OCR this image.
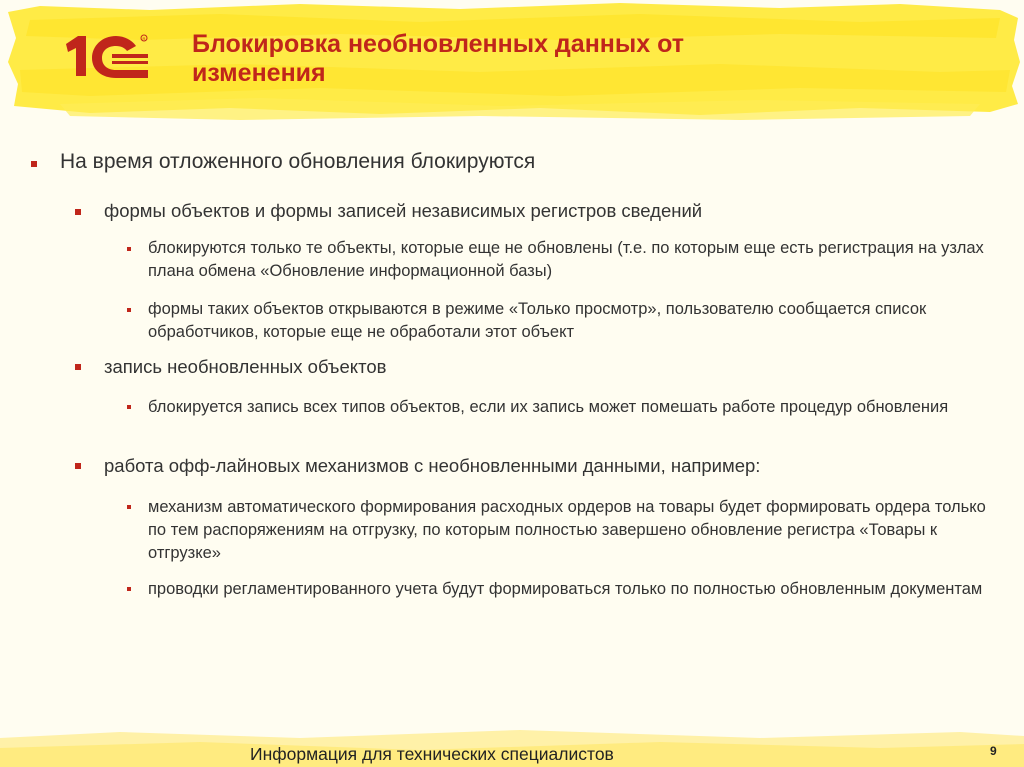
R Блокировка необновленных данных от изменения
На время отложенного обновления блокируются
формы объектов и формы записей независимых регистров сведений
блокируются только те объекты, которые еще не обновлены (т.е. по которым еще есть регистрация на узлах плана обмена «Обновление информационной базы)
формы таких объектов открываются в режиме «Только просмотр», пользователю сообщается список обработчиков, которые еще не обработали этот объект
запись необновленных объектов
блокируется запись всех типов объектов, если их запись может помешать работе процедур обновления
работа офф-лайновых механизмов с необновленными данными, например:
механизм автоматического формирования расходных ордеров на товары будет формировать ордера только по тем распоряжениям на отгрузку, по которым полностью завершено обновление регистра «Товары к отгрузке»
проводки регламентированного учета будут формироваться только по полностью обновленным документам
Информация для технических специалистов	9
